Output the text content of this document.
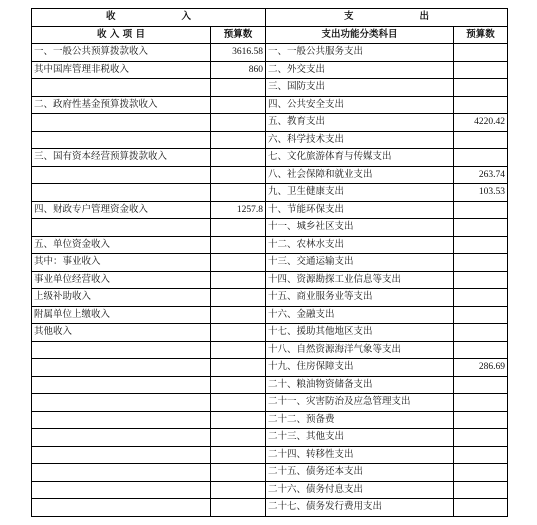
收 入		支 出	
收 入 项 目	预算数	支出功能分类科目	预算数
一、一般公共预算拨款收入	3616.58	一、一般公共服务支出	
其中国库管理非税收入	860	二、外交支出	
		三、国防支出	
二、政府性基金预算拨款收入		四、公共安全支出	
		五、教育支出	4220.42
		六、科学技术支出	
三、国有资本经营预算拨款收入		七、文化旅游体育与传媒支出	
		八、社会保障和就业支出	263.74
		九、卫生健康支出	103.53
四、财政专户管理资金收入	1257.8	十、节能环保支出	
		十一、城乡社区支出	
五、单位资金收入		十二、农林水支出	
其中：事业收入		十三、交通运输支出	
事业单位经营收入		十四、资源勘探工业信息等支出	
上级补助收入		十五、商业服务业等支出	
附属单位上缴收入		十六、金融支出	
其他收入		十七、援助其他地区支出	
		十八、自然资源海洋气象等支出	
		十九、住房保障支出	286.69
		二十、粮油物资储备支出	
		二十一、灾害防治及应急管理支出	
		二十二、预备费	
		二十三、其他支出	
		二十四、转移性支出	
		二十五、债务还本支出	
		二十六、债务付息支出	
		二十七、债务发行费用支出	
